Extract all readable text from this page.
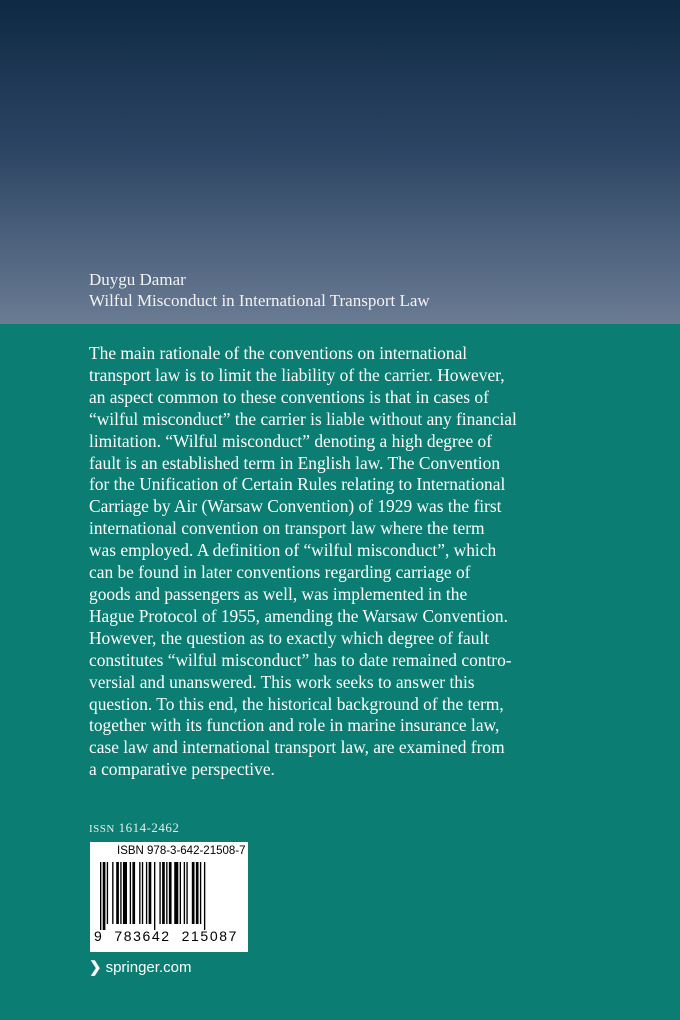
Duygu Damar
Wilful Misconduct in International Transport Law
The main rationale of the conventions on international
transport law is to limit the liability of the carrier. However,
an aspect common to these conventions is that in cases of
“wilful misconduct” the carrier is liable without any financial
limitation. “Wilful misconduct” denoting a high degree of
fault is an established term in English law. The Convention
for the Unification of Certain Rules relating to International
Carriage by Air (Warsaw Convention) of 1929 was the first
international convention on transport law where the term
was employed. A definition of “wilful misconduct”, which
can be found in later conventions regarding carriage of
goods and passengers as well, was implemented in the
Hague Protocol of 1955, amending the Warsaw Convention.
However, the question as to exactly which degree of fault
constitutes “wilful misconduct” has to date remained contro-
versial and unanswered. This work seeks to answer this
question. To this end, the historical background of the term,
together with its function and role in marine insurance law,
case law and international transport law, are examined from
a comparative perspective.
ISSN 1614-2462
ISBN 978-3-642-21508-7
9  783642  215087
❯ springer.com
